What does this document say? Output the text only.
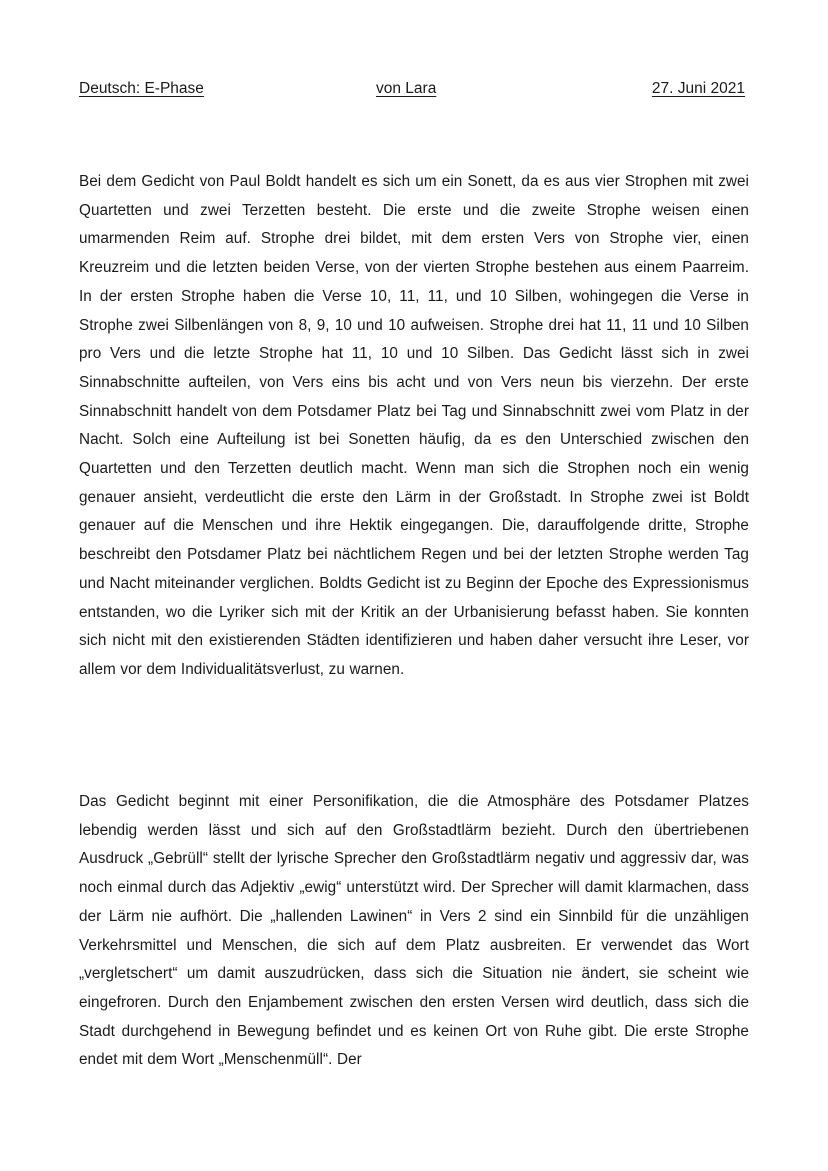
Deutsch: E-Phase	von Lara	27. Juni 2021

Bei dem Gedicht von Paul Boldt handelt es sich um ein Sonett, da es aus vier Strophen mit zwei Quartetten und zwei Terzetten besteht. Die erste und die zweite Strophe weisen einen umarmenden Reim auf. Strophe drei bildet, mit dem ersten Vers von Strophe vier, einen Kreuzreim und die letzten beiden Verse, von der vierten Strophe bestehen aus einem Paarreim. In der ersten Strophe haben die Verse 10, 11, 11, und 10 Silben, wohingegen die Verse in Strophe zwei Silbenlängen von 8, 9, 10 und 10 aufweisen. Strophe drei hat 11, 11 und 10 Silben pro Vers und die letzte Strophe hat 11, 10 und 10 Silben. Das Gedicht lässt sich in zwei Sinnabschnitte aufteilen, von Vers eins bis acht und von Vers neun bis vierzehn. Der erste Sinnabschnitt handelt von dem Potsdamer Platz bei Tag und Sinnabschnitt zwei vom Platz in der Nacht. Solch eine Aufteilung ist bei Sonetten häufig, da es den Unterschied zwischen den Quartetten und den Terzetten deutlich macht. Wenn man sich die Strophen noch ein wenig genauer ansieht, verdeutlicht die erste den Lärm in der Großstadt. In Strophe zwei ist Boldt genauer auf die Menschen und ihre Hektik eingegangen. Die, darauffolgende dritte, Strophe beschreibt den Potsdamer Platz bei nächtlichem Regen und bei der letzten Strophe werden Tag und Nacht miteinander verglichen. Boldts Gedicht ist zu Beginn der Epoche des Expressionismus entstanden, wo die Lyriker sich mit der Kritik an der Urbanisierung befasst haben. Sie konnten sich nicht mit den existierenden Städten identifizieren und haben daher versucht ihre Leser, vor allem vor dem Individualitätsverlust, zu warnen.

Das Gedicht beginnt mit einer Personifikation, die die Atmosphäre des Potsdamer Platzes lebendig werden lässt und sich auf den Großstadtlärm bezieht. Durch den übertriebenen Ausdruck „Gebrüll“ stellt der lyrische Sprecher den Großstadtlärm negativ und aggressiv dar, was noch einmal durch das Adjektiv „ewig“ unterstützt wird. Der Sprecher will damit klarmachen, dass der Lärm nie aufhört. Die „hallenden Lawinen“ in Vers 2 sind ein Sinnbild für die unzähligen Verkehrsmittel und Menschen, die sich auf dem Platz ausbreiten. Er verwendet das Wort „vergletschert“ um damit auszudrücken, dass sich die Situation nie ändert, sie scheint wie eingefroren. Durch den Enjambement zwischen den ersten Versen wird deutlich, dass sich die Stadt durchgehend in Bewegung befindet und es keinen Ort von Ruhe gibt. Die erste Strophe endet mit dem Wort „Menschenmüll“. Der
